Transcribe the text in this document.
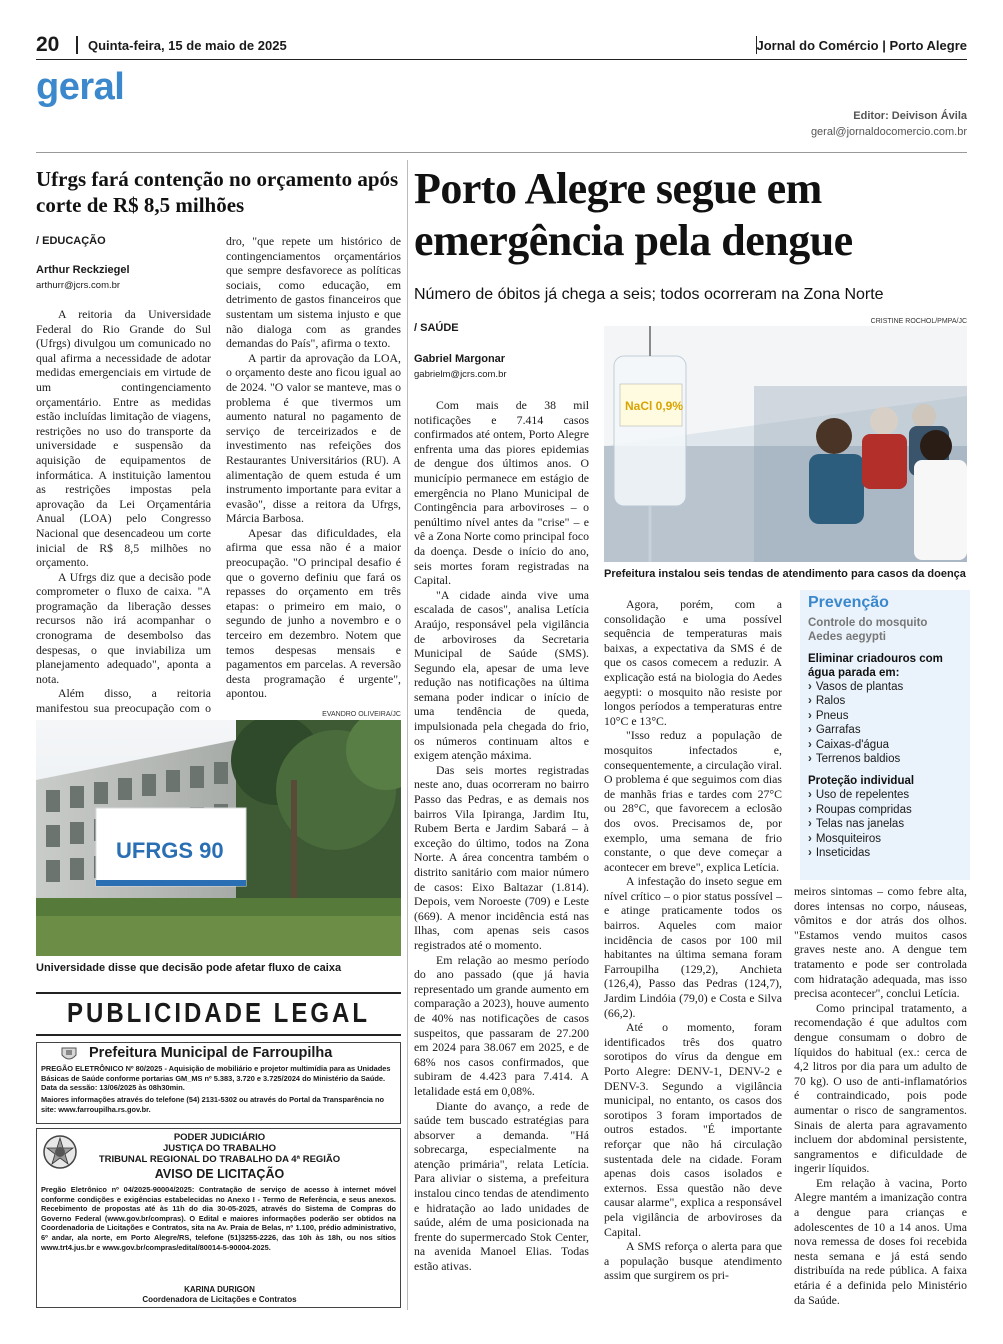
20 Quinta-feira, 15 de maio de 2025	Jornal do Comércio | Porto Alegre
geral
Editor: Deivison Ávila
geral@jornaldocomercio.com.br
Ufrgs fará contenção no orçamento após corte de R$ 8,5 milhões
/ EDUCAÇÃO
Arthur Reckziegel
arthurr@jcrs.com.br

A reitoria da Universidade Federal do Rio Grande do Sul (Ufrgs) divulgou um comunicado no qual afirma a necessidade de adotar medidas emergenciais em virtude de um contingenciamento orçamentário. Entre as medidas estão incluídas limitação de viagens, restrições no uso do transporte da universidade e suspensão da aquisição de equipamentos de informática. A instituição lamentou as restrições impostas pela aprovação da Lei Orçamentária Anual (LOA) pelo Congresso Nacional que desencadeou um corte inicial de R$ 8,5 milhões no orçamento.

A Ufrgs diz que a decisão pode comprometer o fluxo de caixa. "A programação da liberação desses recursos não irá acompanhar o cronograma de desembolso das despesas, o que inviabiliza um planejamento adequado", aponta a nota.

Além disso, a reitoria manifestou sua preocupação com o

dro, "que repete um histórico de contingenciamentos orçamentários que sempre desfavorece as políticas sociais, como educação, em detrimento de gastos financeiros que sustentam um sistema injusto e que não dialoga com as grandes demandas do País", afirma o texto.

A partir da aprovação da LOA, o orçamento deste ano ficou igual ao de 2024. "O valor se manteve, mas o problema é que tivermos um aumento natural no pagamento de serviço de terceirizados e de investimento nas refeições dos Restaurantes Universitários (RU). A alimentação de quem estuda é um instrumento importante para evitar a evasão", disse a reitora da Ufrgs, Márcia Barbosa.

Apesar das dificuldades, ela afirma que essa não é a maior preocupação. "O principal desafio é que o governo definiu que fará os repasses do orçamento em três etapas: o primeiro em maio, o segundo de junho a novembro e o terceiro em dezembro. Notem que temos despesas mensais e pagamentos em parcelas. A reversão desta programação é urgente", apontou.

EVANDRO OLIVEIRA/JC
UFRGS 90
Universidade disse que decisão pode afetar fluxo de caixa
PUBLICIDADE LEGAL
Prefeitura Municipal de Farroupilha
PREGÃO ELETRÔNICO Nº 80/2025 - Aquisição de mobiliário e projetor multimídia para as Unidades Básicas de Saúde conforme portarias GM_MS nº 5.383, 3.720 e 3.725/2024 do Ministério da Saúde. Data da sessão: 13/06/2025 às 08h30min.
Maiores informações através do telefone (54) 2131-5302 ou através do Portal da Transparência no site: www.farroupilha.rs.gov.br.
PODER JUDICIÁRIO
JUSTIÇA DO TRABALHO
TRIBUNAL REGIONAL DO TRABALHO DA 4ª REGIÃO
AVISO DE LICITAÇÃO
Pregão Eletrônico nº 04/2025-90004/2025: Contratação de serviço de acesso à internet móvel conforme condições e exigências estabelecidas no Anexo I - Termo de Referência, e seus anexos. Recebimento de propostas até às 11h do dia 30-05-2025, através do Sistema de Compras do Governo Federal (www.gov.br/compras). O Edital e maiores informações poderão ser obtidos na Coordenadoria de Licitações e Contratos, sita na Av. Praia de Belas, nº 1.100, prédio administrativo, 6º andar, ala norte, em Porto Alegre/RS, telefone (51)3255-2226, das 10h às 18h, ou nos sítios www.trt4.jus.br e www.gov.br/compras/edital/80014-5-90004-2025.
KARINA DURIGON
Coordenadora de Licitações e Contratos
Porto Alegre segue em emergência pela dengue
Número de óbitos já chega a seis; todos ocorreram na Zona Norte
/ SAÚDE
Gabriel Margonar
gabrielm@jcrs.com.br
CRISTINE ROCHOL/PMPA/JC
NaCl 0,9%
Prefeitura instalou seis tendas de atendimento para casos da doença

Com mais de 38 mil notificações e 7.414 casos confirmados até ontem, Porto Alegre enfrenta uma das piores epidemias de dengue dos últimos anos. O município permanece em estágio de emergência no Plano Municipal de Contingência para arboviroses – o penúltimo nível antes da "crise" – e vê a Zona Norte como principal foco da doença. Desde o início do ano, seis mortes foram registradas na Capital.

"A cidade ainda vive uma escalada de casos", analisa Letícia Araújo, responsável pela vigilância de arboviroses da Secretaria Municipal de Saúde (SMS). Segundo ela, apesar de uma leve redução nas notificações na última semana poder indicar o início de uma tendência de queda, impulsionada pela chegada do frio, os números continuam altos e exigem atenção máxima.

Das seis mortes registradas neste ano, duas ocorreram no bairro Passo das Pedras, e as demais nos bairros Vila Ipiranga, Jardim Itu, Rubem Berta e Jardim Sabará – à exceção do último, todos na Zona Norte. A área concentra também o distrito sanitário com maior número de casos: Eixo Baltazar (1.814). Depois, vem Noroeste (709) e Leste (669). A menor incidência está nas Ilhas, com apenas seis casos registrados até o momento.

Em relação ao mesmo período do ano passado (que já havia representado um grande aumento em comparação a 2023), houve aumento de 40% nas notificações de casos suspeitos, que passaram de 27.200 em 2024 para 38.067 em 2025, e de 68% nos casos confirmados, que subiram de 4.423 para 7.414. A letalidade está em 0,08%.

Diante do avanço, a rede de saúde tem buscado estratégias para absorver a demanda. "Há sobrecarga, especialmente na atenção primária", relata Letícia. Para aliviar o sistema, a prefeitura instalou cinco tendas de atendimento e hidratação ao lado unidades de saúde, além de uma posicionada na frente do supermercado Stok Center, na avenida Manoel Elias. Todas estão ativas.

Agora, porém, com a consolidação e uma possível sequência de temperaturas mais baixas, a expectativa da SMS é de que os casos comecem a reduzir. A explicação está na biologia do Aedes aegypti: o mosquito não resiste por longos períodos a temperaturas entre 10°C e 13°C.

"Isso reduz a população de mosquitos infectados e, consequentemente, a circulação viral. O problema é que seguimos com dias de manhãs frias e tardes com 27°C ou 28°C, que favorecem a eclosão dos ovos. Precisamos de, por exemplo, uma semana de frio constante, o que deve começar a acontecer em breve", explica Letícia.

A infestação do inseto segue em nível crítico – o pior status possível – e atinge praticamente todos os bairros. Aqueles com maior incidência de casos por 100 mil habitantes na última semana foram Farroupilha (129,2), Anchieta (126,4), Passo das Pedras (124,7), Jardim Lindóia (79,0) e Costa e Silva (66,2).

Até o momento, foram identificados três dos quatro sorotipos do vírus da dengue em Porto Alegre: DENV-1, DENV-2 e DENV-3. Segundo a vigilância municipal, no entanto, os casos dos sorotipos 3 foram importados de outros estados. "É importante reforçar que não há circulação sustentada dele na cidade. Foram apenas dois casos isolados e externos. Essa questão não deve causar alarme", explica a responsável pela vigilância de arboviroses da Capital.

A SMS reforça o alerta para que a população busque atendimento assim que surgirem os pri-

Prevenção
Controle do mosquito Aedes aegypti
Eliminar criadouros com água parada em:
› Vasos de plantas
› Ralos
› Pneus
› Garrafas
› Caixas-d'água
› Terrenos baldios
Proteção individual
› Uso de repelentes
› Roupas compridas
› Telas nas janelas
› Mosquiteiros
› Inseticidas

meiros sintomas – como febre alta, dores intensas no corpo, náuseas, vômitos e dor atrás dos olhos. "Estamos vendo muitos casos graves neste ano. A dengue tem tratamento e pode ser controlada com hidratação adequada, mas isso precisa acontecer", conclui Letícia.

Como principal tratamento, a recomendação é que adultos com dengue consumam o dobro de líquidos do habitual (ex.: cerca de 4,2 litros por dia para um adulto de 70 kg). O uso de anti-inflamatórios é contraindicado, pois pode aumentar o risco de sangramentos. Sinais de alerta para agravamento incluem dor abdominal persistente, sangramentos e dificuldade de ingerir líquidos.

Em relação à vacina, Porto Alegre mantém a imanização contra a dengue para crianças e adolescentes de 10 a 14 anos. Uma nova remessa de doses foi recebida nesta semana e já está sendo distribuída na rede pública. A faixa etária é a definida pelo Ministério da Saúde.
